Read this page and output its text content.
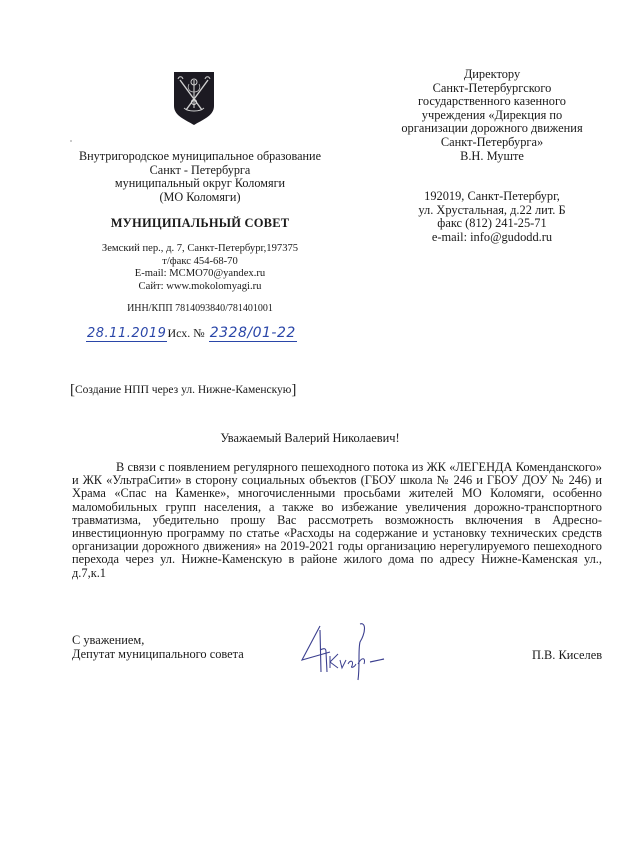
Внутригородское муниципальное образование
Санкт - Петербурга
муниципальный округ Коломяги
(МО Коломяги)
МУНИЦИПАЛЬНЫЙ СОВЕТ
Земский пер., д. 7, Санкт-Петербург,197375
т/факс 454-68-70
E-mail: MCMO70@yandex.ru
Сайт: www.mokolomyagi.ru
ИНН/КПП 7814093840/781401001
28.11.2019Исх. № 2328/01-22
[Создание НПП через ул. Нижне-Каменскую]
Директору
Санкт-Петербургского
государственного казенного
учреждения «Дирекция по
организации дорожного движения
Санкт-Петербурга»
В.Н. Муште
192019, Санкт-Петербург,
ул. Хрустальная, д.22 лит. Б
факс (812) 241-25-71
e-mail: info@gudodd.ru
Уважаемый Валерий Николаевич!
В связи с появлением регулярного пешеходного потока из ЖК «ЛЕГЕНДА Коменданского» и ЖК «УльтраСити» в сторону социальных объектов (ГБОУ школа № 246 и ГБОУ ДОУ № 246) и Храма «Спас на Каменке», многочисленными просьбами жителей МО Коломяги, особенно маломобильных групп населения, а также во избежание увеличения дорожно-транспортного травматизма, убедительно прошу Вас рассмотреть возможность включения в Адресно-инвестиционную программу по статье «Расходы на содержание и установку технических средств организации дорожного движения» на 2019-2021 годы организацию нерегулируемого пешеходного перехода через ул. Нижне-Каменскую в районе жилого дома по адресу Нижне-Каменская ул., д.7,к.1
С уважением,
Депутат муниципального совета	П.В. Киселев
